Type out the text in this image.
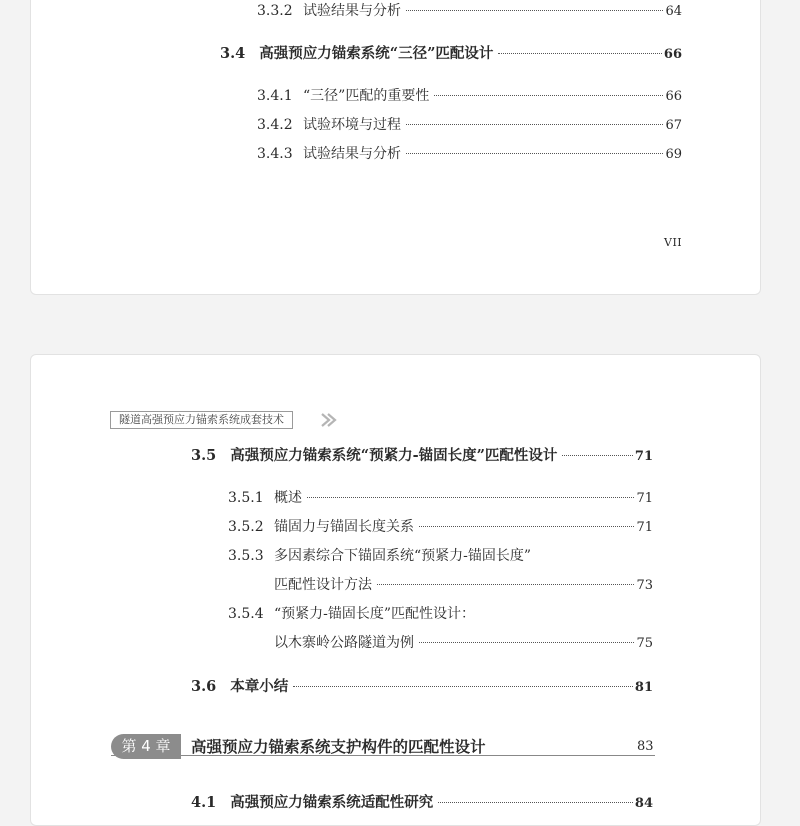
3.3.2 试验结果与分析	64
3.4 高强预应力锚索系统“三径”匹配设计	66
3.4.1 “三径”匹配的重要性	66
3.4.2 试验环境与过程	67
3.4.3 试验结果与分析	69
VII
隧道高强预应力锚索系统成套技术
3.5 高强预应力锚索系统“预紧力-锚固长度”匹配性设计	71
3.5.1 概述	71
3.5.2 锚固力与锚固长度关系	71
3.5.3 多因素综合下锚固系统“预紧力-锚固长度”
匹配性设计方法	73
3.5.4 “预紧力-锚固长度”匹配性设计：
以木寨岭公路隧道为例	75
3.6 本章小结	81
第 4 章	高强预应力锚索系统支护构件的匹配性设计	83
4.1 高强预应力锚索系统适配性研究	84
